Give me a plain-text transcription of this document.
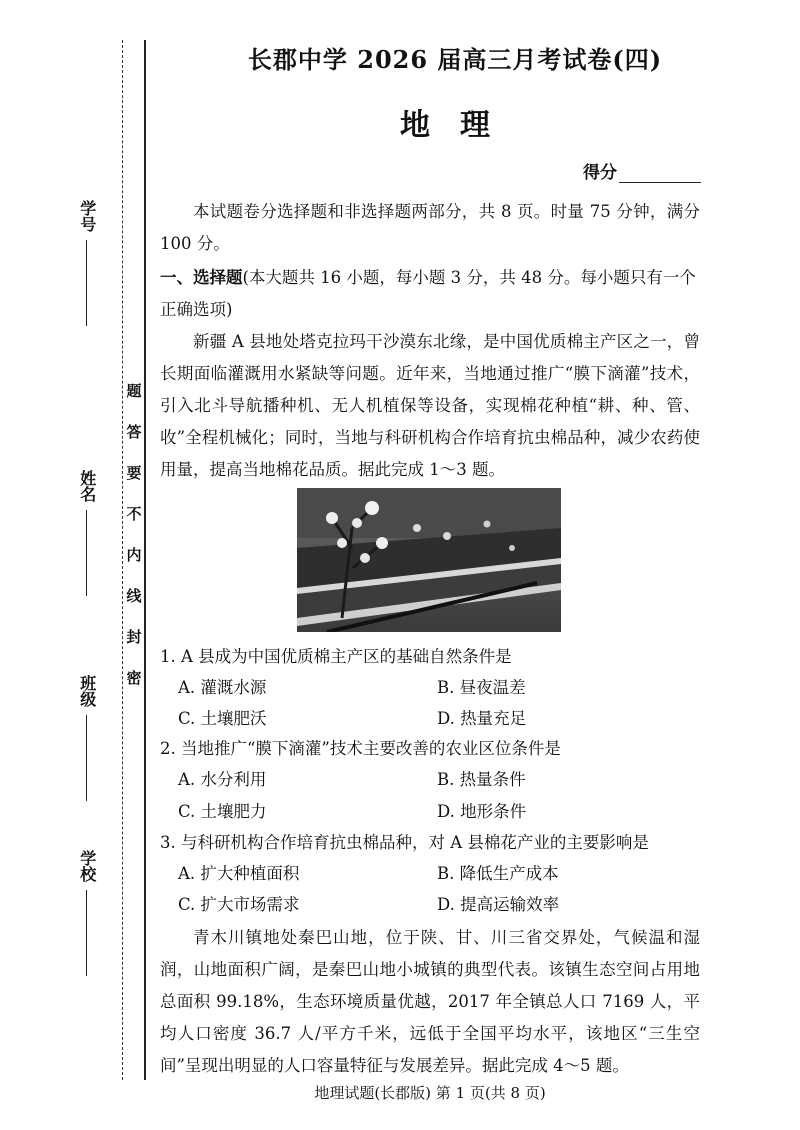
学号
姓名
班级
学校
题
答
要
不
内
线
封
密
长郡中学 2026 届高三月考试卷(四)
地理
得分
本试题卷分选择题和非选择题两部分，共 8 页。时量 75 分钟，满分 100 分。
一、选择题(本大题共 16 小题，每小题 3 分，共 48 分。每小题只有一个正确选项)
新疆 A 县地处塔克拉玛干沙漠东北缘，是中国优质棉主产区之一，曾长期面临灌溉用水紧缺等问题。近年来，当地通过推广“膜下滴灌”技术，引入北斗导航播种机、无人机植保等设备，实现棉花种植“耕、种、管、收”全程机械化；同时，当地与科研机构合作培育抗虫棉品种，减少农药使用量，提高当地棉花品质。据此完成 1～3 题。
1. A 县成为中国优质棉主产区的基础自然条件是
A. 灌溉水源	B. 昼夜温差
C. 土壤肥沃	D. 热量充足
2. 当地推广“膜下滴灌”技术主要改善的农业区位条件是
A. 水分利用	B. 热量条件
C. 土壤肥力	D. 地形条件
3. 与科研机构合作培育抗虫棉品种，对 A 县棉花产业的主要影响是
A. 扩大种植面积	B. 降低生产成本
C. 扩大市场需求	D. 提高运输效率
青木川镇地处秦巴山地，位于陕、甘、川三省交界处，气候温和湿润，山地面积广阔，是秦巴山地小城镇的典型代表。该镇生态空间占用地总面积 99.18%，生态环境质量优越，2017 年全镇总人口 7169 人，平均人口密度 36.7 人/平方千米，远低于全国平均水平，该地区“三生空间”呈现出明显的人口容量特征与发展差异。据此完成 4～5 题。
地理试题(长郡版) 第 1 页(共 8 页)
